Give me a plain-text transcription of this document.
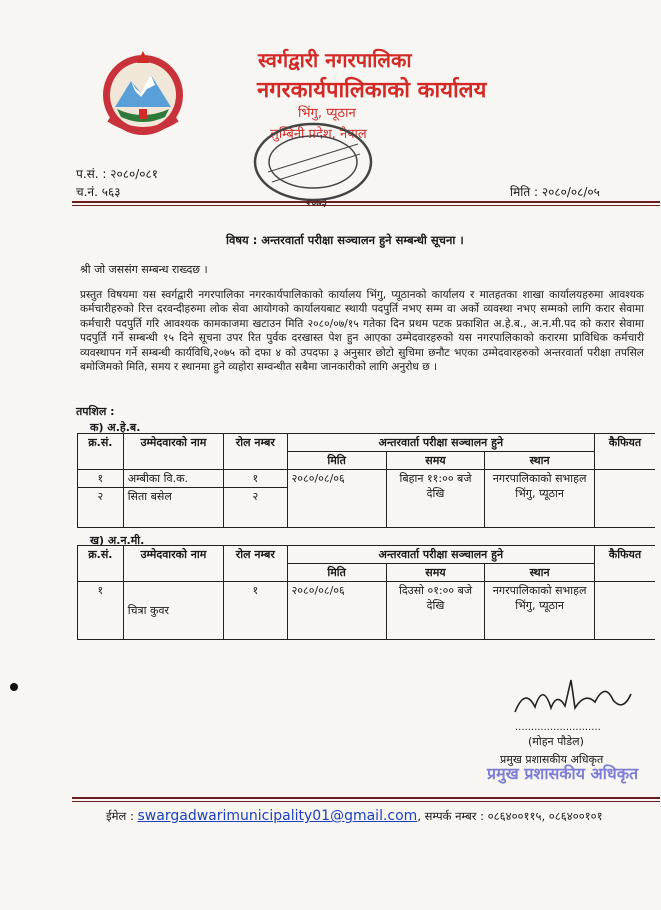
स्वर्गद्वारी नगरपालिका
नगरकार्यपालिकाको कार्यालय
भिंगु, प्यूठान
लुम्बिनी प्रदेश, नेपाल
२०७३
प.सं. : २०८०/०८१
च.नं. ५६३	मिति : २०८०/०८/०५
विषय : अन्तरवार्ता परीक्षा सञ्चालन हुने सम्बन्धी सूचना ।
श्री जो जससंग सम्बन्ध राख्दछ ।
प्रस्तुत विषयमा यस स्वर्गद्वारी नगरपालिका नगरकार्यपालिकाको कार्यालय भिंगु, प्यूठानको कार्यालय र मातहतका शाखा कार्यालयहरुमा आवश्यक कर्मचारीहरुको रित्त दरवन्दीहरुमा लोक सेवा आयोगको कार्यालयबाट स्थायी पदपुर्ति नभए सम्म वा अर्को व्यवस्था नभए सम्मको लागि करार सेवामा कर्मचारी पदपुर्ति गरि आवश्यक कामकाजमा खटाउन मिति २०८०/०७/१५ गतेका दिन प्रथम पटक प्रकाशित अ.हे.ब., अ.न.मी.पद को करार सेवामा पदपुर्ति गर्ने सम्बन्धी १५ दिने सूचना उपर रित पुर्वक दरखास्त पेश हुन आएका उम्मेदवारहरुको यस नगरपालिकाको करारमा प्राविधिक कर्मचारी व्यवस्थापन गर्ने सम्बन्धी कार्यविधि,२०७५ को दफा ४ को उपदफा ३ अनुसार छोटो सुचिमा छनौट भएका उम्मेदवारहरुको अन्तरवार्ता परीक्षा तपसिल बमोजिमको मिति, समय र स्थानमा हुने व्यहोरा सम्वन्धीत सबैमा जानकारीको लागि अनुरोध छ ।
तपशिल :
क) अ.हे.ब.
क्र.सं.	उम्मेदवारको नाम	रोल नम्बर	अन्तरवार्ता परीक्षा सञ्चालन हुने			कैफियत
			मिति	समय	स्थान	
१	अम्बीका वि.क.	१	२०८०/०८/०६	बिहान ११:०० बजे देखि	नगरपालिकाको सभाहल भिंगु, प्यूठान	
२	सिता बसेल	२				
ख) अ.न.मी.
क्र.सं.	उम्मेदवारको नाम	रोल नम्बर	अन्तरवार्ता परीक्षा सञ्चालन हुने			कैफियत
			मिति	समय	स्थान	
१	चित्रा कुवर	१	२०८०/०८/०६	दिउसो ०१:०० बजे देखि	नगरपालिकाको सभाहल भिंगु, प्यूठान	
...........................
(मोहन पौडेल)
प्रमुख प्रशासकीय अधिकृत
प्रमुख प्रशासकीय अधिकृत
ईमेल : swargadwarimunicipality01@gmail.com, सम्पर्क नम्बर : ०८६४००११५, ०८६४००१०१
